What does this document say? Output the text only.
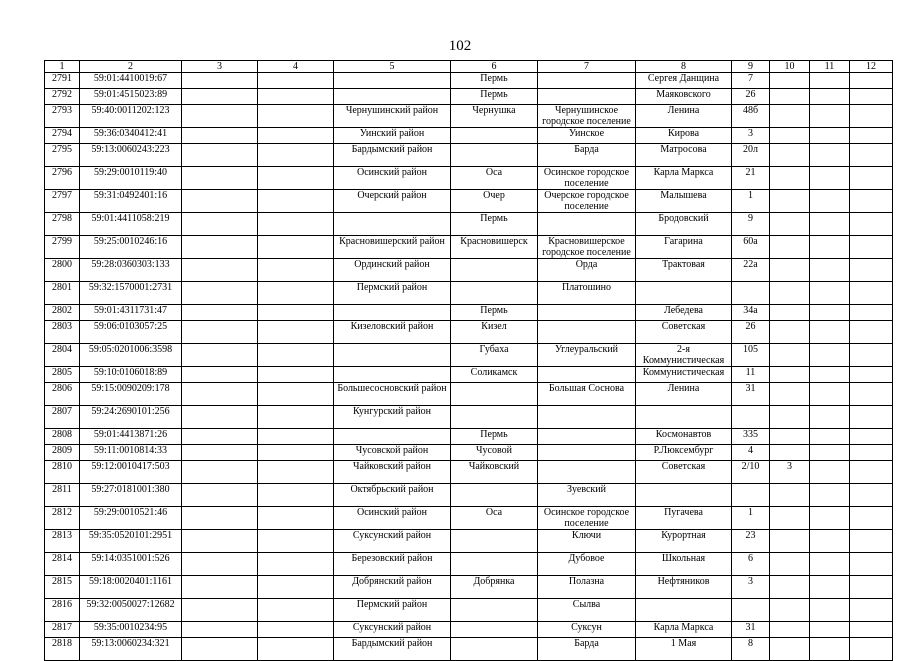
102
1	2	3	4	5	6	7	8	9	10	11	12
2791	59:01:4410019:67				Пермь		Сергея Данщина	7			
2792	59:01:4515023:89				Пермь		Маяковского	26			
2793	59:40:0011202:123			Чернушинский район	Чернушка	Чернушинское городское поселение	Ленина	48б			
2794	59:36:0340412:41			Уинский район		Уинское	Кирова	3			
2795	59:13:0060243:223			Бардымский район		Барда	Матросова	20л			
2796	59:29:0010119:40			Осинский район	Оса	Осинское городское поселение	Карла Маркса	21			
2797	59:31:0492401:16			Очерский район	Очер	Очерское городское поселение	Малышева	1			
2798	59:01:4411058:219				Пермь		Бродовский	9			
2799	59:25:0010246:16			Красновишерский район	Красновишерск	Красновишерское городское поселение	Гагарина	60а			
2800	59:28:0360303:133			Ординский район		Орда	Трактовая	22а			
2801	59:32:1570001:2731			Пермский район		Платошино					
2802	59:01:4311731:47				Пермь		Лебедева	34а			
2803	59:06:0103057:25			Кизеловский район	Кизел		Советская	26			
2804	59:05:0201006:3598				Губаха	Углеуральский	2-я Коммунистическая	105			
2805	59:10:0106018:89				Соликамск		Коммунистическая	11			
2806	59:15:0090209:178			Большесосновский район		Большая Соснова	Ленина	31			
2807	59:24:2690101:256			Кунгурский район							
2808	59:01:4413871:26				Пермь		Космонавтов	335			
2809	59:11:0010814:33			Чусовской район	Чусовой		Р.Люксембург	4			
2810	59:12:0010417:503			Чайковский район	Чайковский		Советская	2/10	3		
2811	59:27:0181001:380			Октябрьский район		Зуевский					
2812	59:29:0010521:46			Осинский район	Оса	Осинское городское поселение	Пугачева	1			
2813	59:35:0520101:2951			Суксунский район		Ключи	Курортная	23			
2814	59:14:0351001:526			Березовский район		Дубовое	Школьная	6			
2815	59:18:0020401:1161			Добрянский район	Добрянка	Полазна	Нефтяников	3			
2816	59:32:0050027:12682			Пермский район		Сылва					
2817	59:35:0010234:95			Суксунский район		Суксун	Карла Маркса	31			
2818	59:13:0060234:321			Бардымский район		Барда	1 Мая	8			
